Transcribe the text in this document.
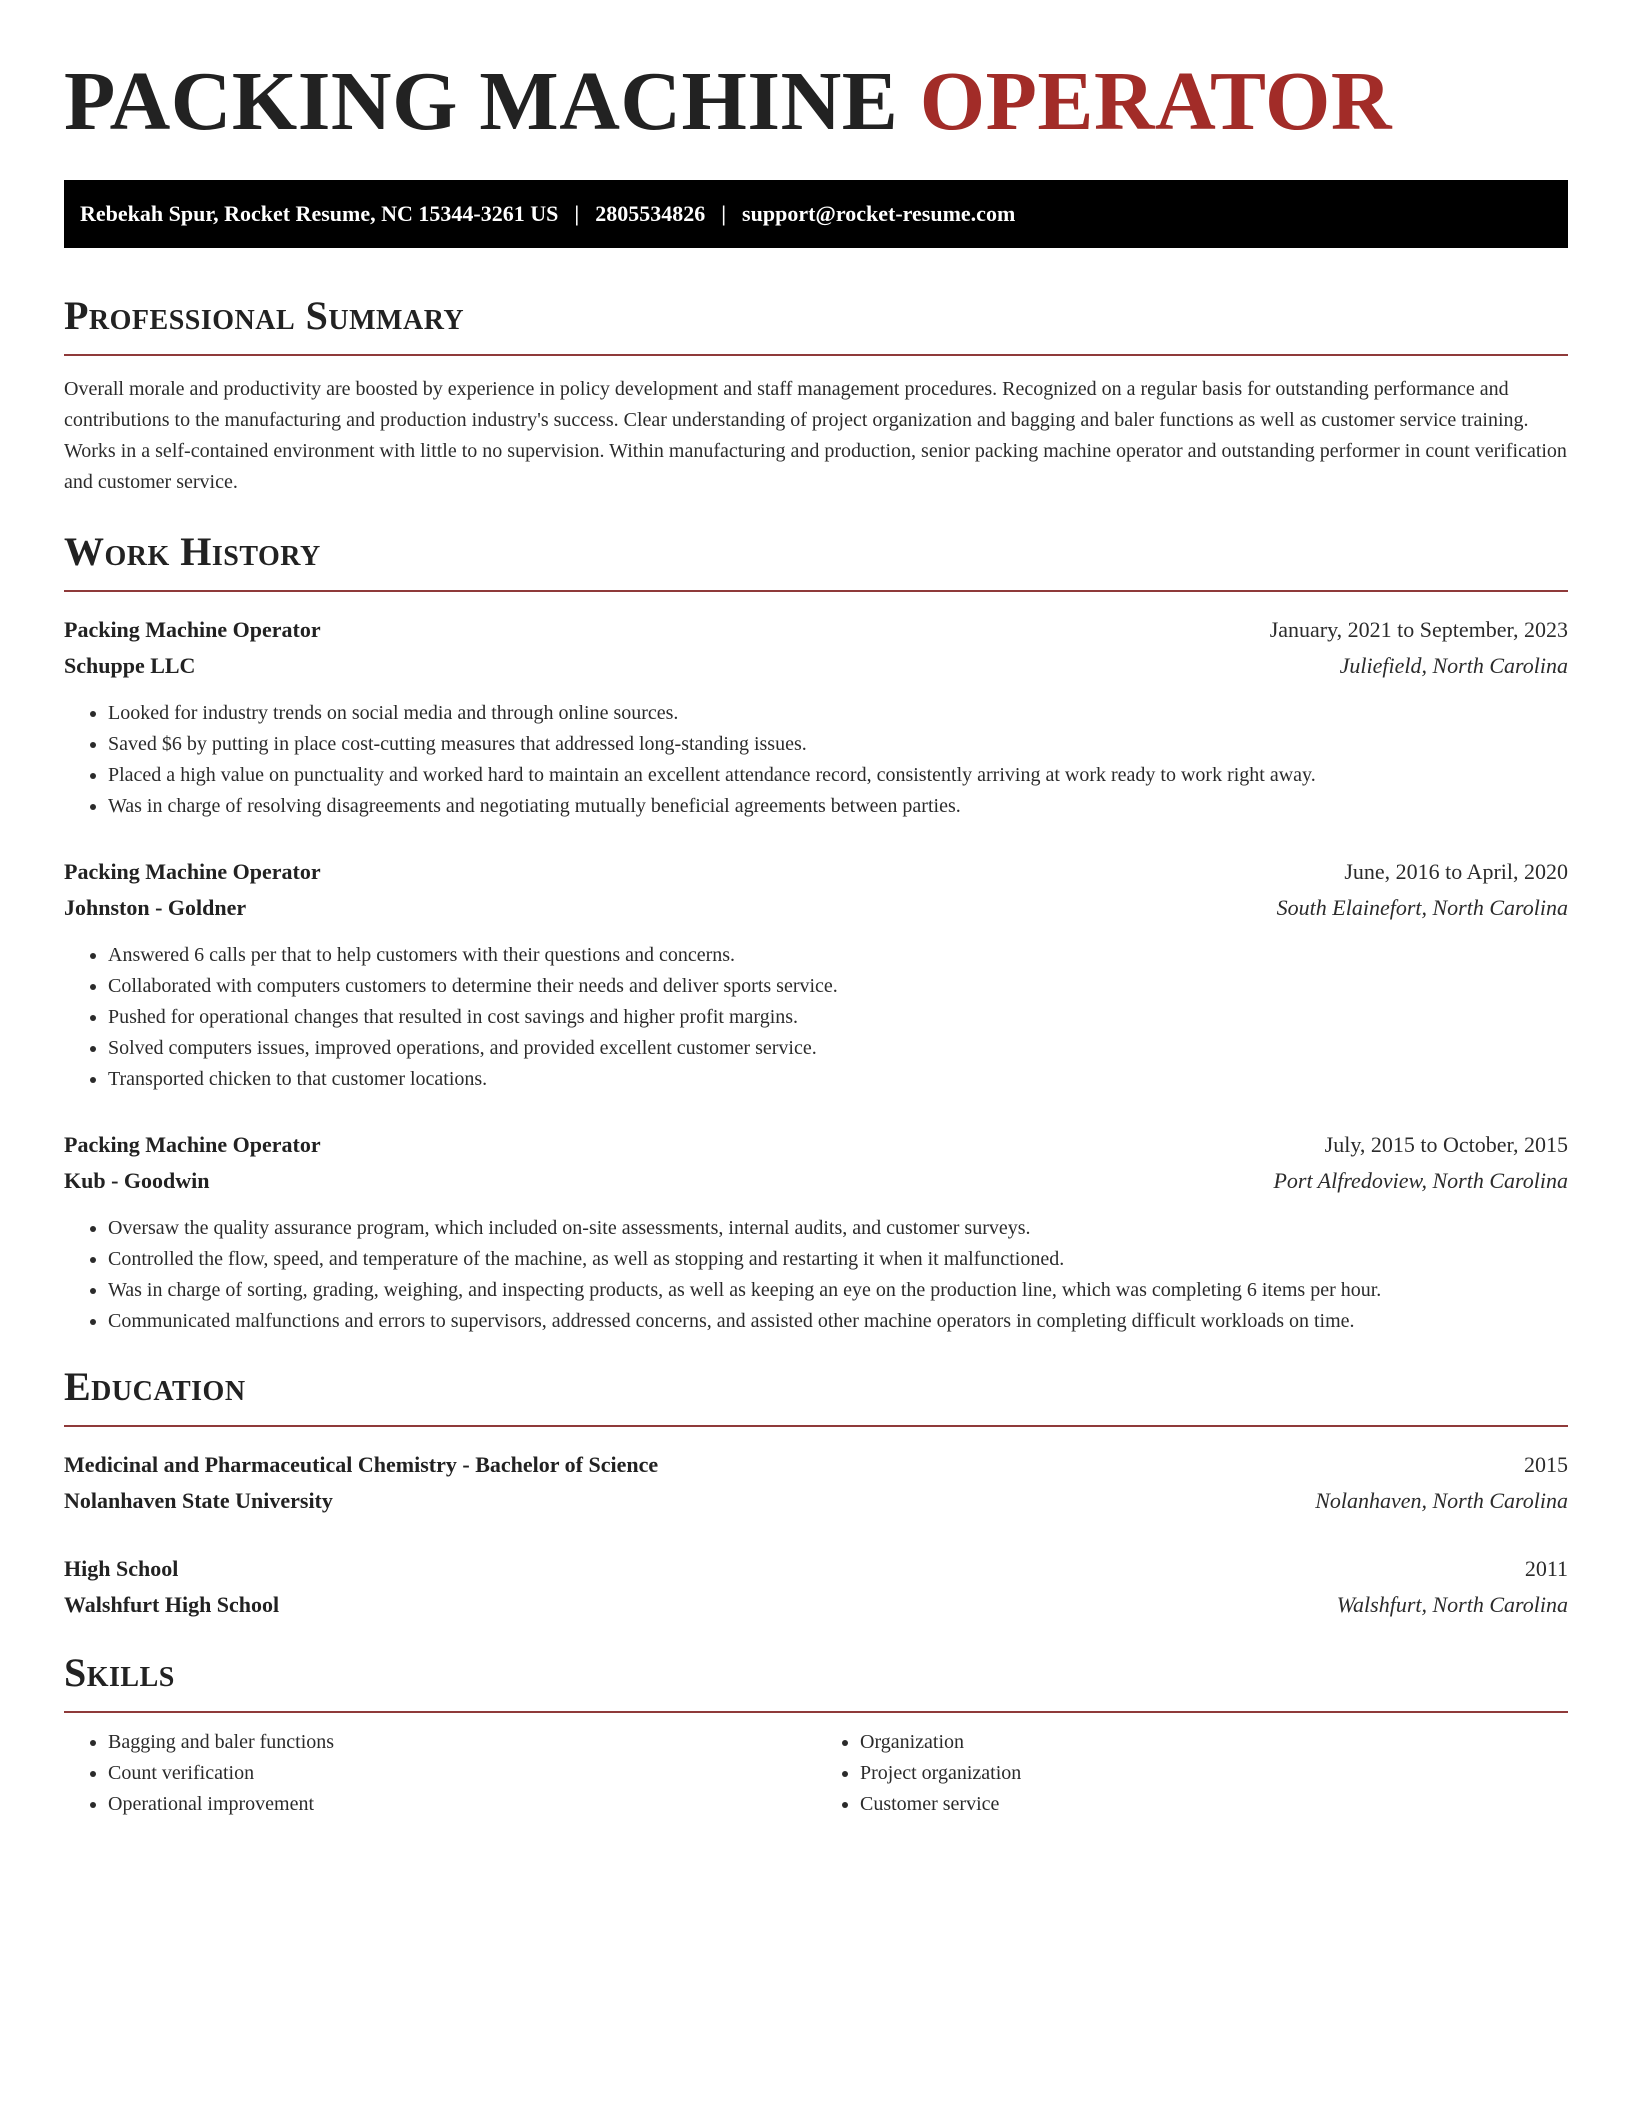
PACKING MACHINE OPERATOR
Rebekah Spur, Rocket Resume, NC 15344-3261 US | 2805534826 | support@rocket-resume.com
Professional Summary

Overall morale and productivity are boosted by experience in policy development and staff management procedures. Recognized on a regular basis for outstanding performance and contributions to the manufacturing and production industry's success. Clear understanding of project organization and bagging and baler functions as well as customer service training. Works in a self-contained environment with little to no supervision. Within manufacturing and production, senior packing machine operator and outstanding performer in count verification and customer service.

Work History
Packing Machine Operator	January, 2021 to September, 2023
Schuppe LLC	Juliefield, North Carolina
• Looked for industry trends on social media and through online sources.
• Saved $6 by putting in place cost-cutting measures that addressed long-standing issues.
• Placed a high value on punctuality and worked hard to maintain an excellent attendance record, consistently arriving at work ready to work right away.
• Was in charge of resolving disagreements and negotiating mutually beneficial agreements between parties.
Packing Machine Operator	June, 2016 to April, 2020
Johnston - Goldner	South Elainefort, North Carolina
• Answered 6 calls per that to help customers with their questions and concerns.
• Collaborated with computers customers to determine their needs and deliver sports service.
• Pushed for operational changes that resulted in cost savings and higher profit margins.
• Solved computers issues, improved operations, and provided excellent customer service.
• Transported chicken to that customer locations.
Packing Machine Operator	July, 2015 to October, 2015
Kub - Goodwin	Port Alfredoview, North Carolina
• Oversaw the quality assurance program, which included on-site assessments, internal audits, and customer surveys.
• Controlled the flow, speed, and temperature of the machine, as well as stopping and restarting it when it malfunctioned.
• Was in charge of sorting, grading, weighing, and inspecting products, as well as keeping an eye on the production line, which was completing 6 items per hour.
• Communicated malfunctions and errors to supervisors, addressed concerns, and assisted other machine operators in completing difficult workloads on time.
Education
Medicinal and Pharmaceutical Chemistry - Bachelor of Science	2015
Nolanhaven State University	Nolanhaven, North Carolina
High School	2011
Walshfurt High School	Walshfurt, North Carolina
Skills
• Bagging and baler functions
• Count verification
• Operational improvement
• Organization
• Project organization
• Customer service
